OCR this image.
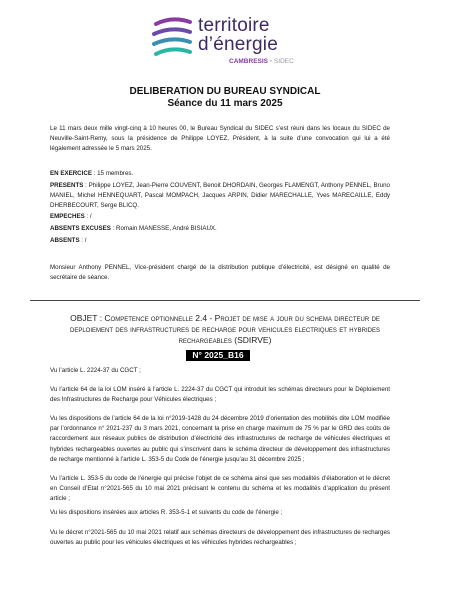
territoire
d’énergie
CAMBRESIS • SIDEC
DELIBERATION DU BUREAU SYNDICAL
Séance du 11 mars 2025
Le 11 mars deux mille vingt-cinq à 10 heures 00, le Bureau Syndical du SIDEC s’est réuni dans les locaux du SIDEC de Neuville-Saint-Remy, sous la présidence de Philippe LOYEZ, Président, à la suite d’une convocation qui lui a été légalement adressée le 5 mars 2025.
EN EXERCICE : 15 membres.
PRESENTS : Philippe LOYEZ, Jean-Pierre COUVENT, Benoit DHORDAIN, Georges FLAMENGT, Anthony PENNEL, Bruno MANIEL, Michel HENNEQUART, Pascal MOMPACH, Jacques ARPIN, Didier MARECHALLE, Yves MARECAILLE, Eddy DHERBECOURT, Serge BLICQ.
EMPECHES : /
ABSENTS EXCUSES : Romain MANESSE, André BISIAUX.
ABSENTS : /
Monsieur Anthony PENNEL, Vice-président chargé de la distribution publique d’électricité, est désigné en qualité de secrétaire de séance.
OBJET : Competence optionnelle 2.4 - Projet de mise a jour du schema directeur de deploiement des infrastructures de recharge pour vehicules electriques et hybrides rechargeables (SDIRVE)
N° 2025_B16
Vu l’article L. 2224-37 du CGCT ;
Vu l’article 64 de la loi LOM inséré à l’article L. 2224-37 du CGCT qui introduit les schémas directeurs pour le Déploiement des Infrastructures de Recharge pour Véhicules électriques ;
Vu les dispositions de l’article 64 de la loi n°2019-1428 du 24 décembre 2019 d’orientation des mobilités dite LOM modifiée par l’ordonnance n° 2021-237 du 3 mars 2021, concernant la prise en charge maximum de 75 % par le GRD des coûts de raccordement aux réseaux publics de distribution d’électricité des infrastructures de recharge de véhicules électriques et hybrides rechargeables ouvertes au public qui s’inscrivent dans le schéma directeur de développement des infrastructures de recharge mentionné à l’article L. 353-5 du Code de l’énergie jusqu’au 31 décembre 2025 ;
Vu l’article L. 353-5 du code de l’énergie qui précise l’objet de ce schéma ainsi que ses modalités d’élaboration et le décret en Conseil d’Etat n°2021-565 du 10 mai 2021 précisant le contenu du schéma et les modalités d’application du présent article ;
Vu les dispositions insérées aux articles R. 353-5-1 et suivants du code de l’énergie ;
Vu le décret n°2021-565 du 10 mai 2021 relatif aux schémas directeurs de développement des infrastructures de recharges ouvertes au public pour les véhicules électriques et les véhicules hybrides rechargeables ;
